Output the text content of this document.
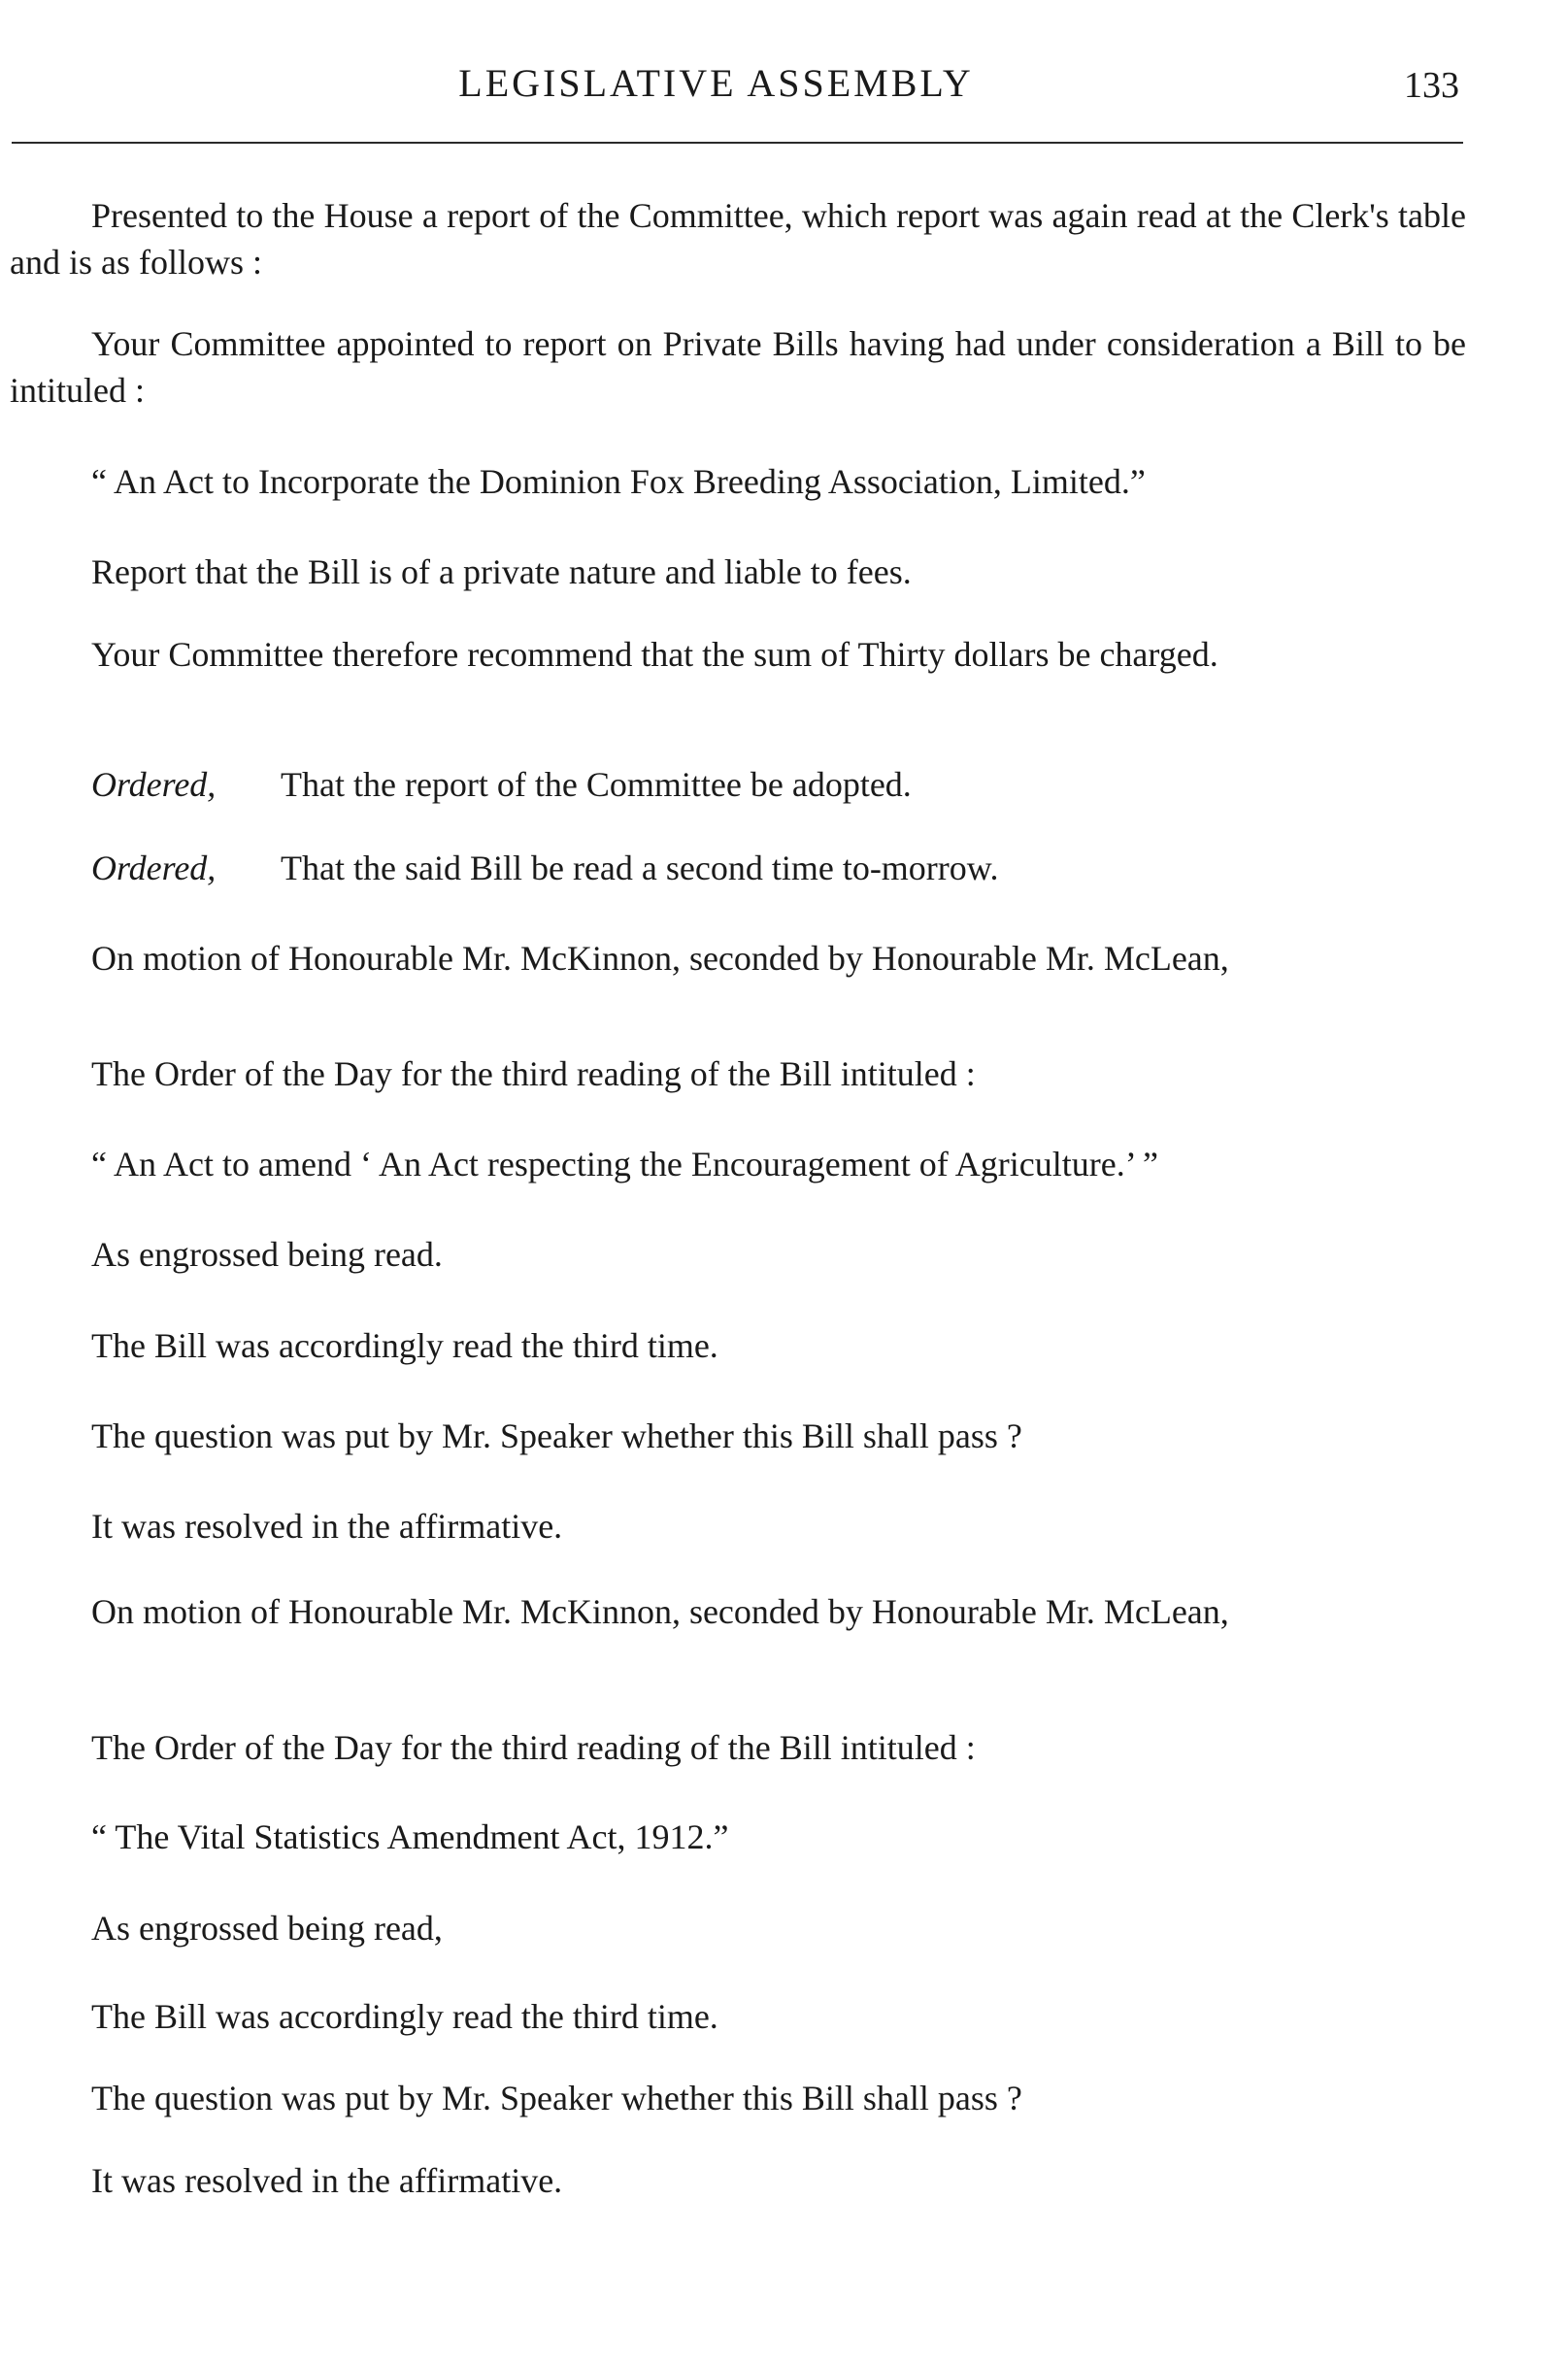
LEGISLATIVE ASSEMBLY	133

Presented to the House a report of the Committee, which report was again read at the Clerk's table and is as follows :

Your Committee appointed to report on Private Bills having had under consideration a Bill to be intituled :

“ An Act to Incorporate the Dominion Fox Breeding Association, Limited.”

Report that the Bill is of a private nature and liable to fees.

Your Committee therefore recommend that the sum of Thirty dollars be charged.

Ordered, That the report of the Committee be adopted.

Ordered, That the said Bill be read a second time to-morrow.

On motion of Honourable Mr. McKinnon, seconded by Honourable Mr. McLean,

The Order of the Day for the third reading of the Bill intituled :

“ An Act to amend ‘ An Act respecting the Encouragement of Agriculture.’ ”

As engrossed being read.

The Bill was accordingly read the third time.

The question was put by Mr. Speaker whether this Bill shall pass ?

It was resolved in the affirmative.

On motion of Honourable Mr. McKinnon, seconded by Honourable Mr. McLean,

The Order of the Day for the third reading of the Bill intituled :

“ The Vital Statistics Amendment Act, 1912.”

As engrossed being read,

The Bill was accordingly read the third time.

The question was put by Mr. Speaker whether this Bill shall pass ?

It was resolved in the affirmative.
